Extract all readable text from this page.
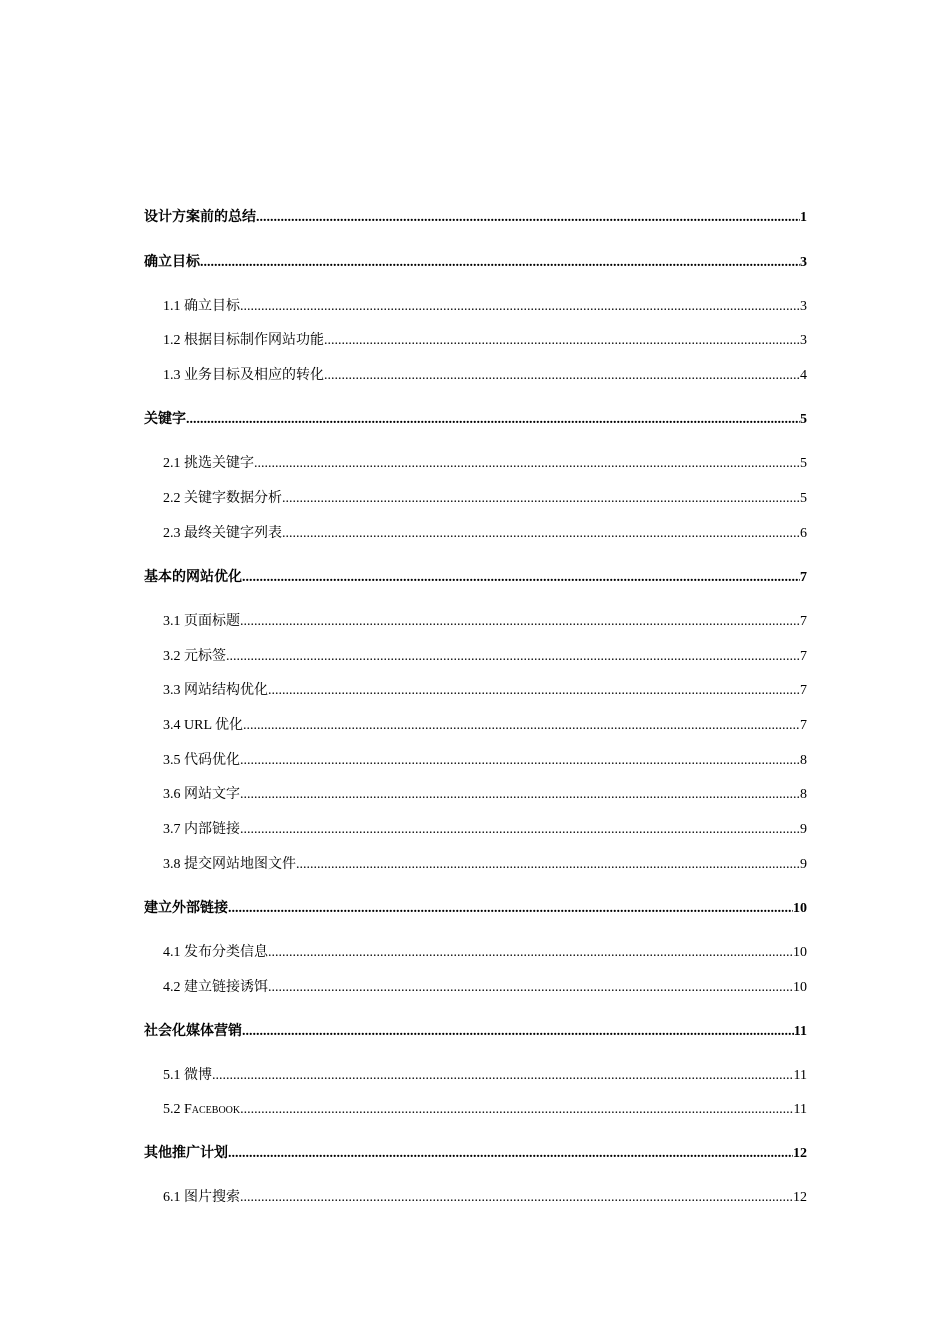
设计方案前的总结 .....	1
确立目标 .....	3
1.1 确立目标 .....	3
1.2 根据目标制作网站功能 .....	3
1.3 业务目标及相应的转化 .....	4
关键字 .....	5
2.1 挑选关键字 .....	5
2.2 关键字数据分析 .....	5
2.3 最终关键字列表 .....	6
基本的网站优化 .....	7
3.1 页面标题 .....	7
3.2 元标签 .....	7
3.3 网站结构优化 .....	7
3.4 URL 优化 .....	7
3.5 代码优化 .....	8
3.6 网站文字 .....	8
3.7 内部链接 .....	9
3.8 提交网站地图文件 .....	9
建立外部链接 .....	10
4.1 发布分类信息 .....	10
4.2 建立链接诱饵 .....	10
社会化媒体营销 .....	11
5.1 微博 .....	11
5.2 Facebook .....	11
其他推广计划 .....	12
6.1 图片搜索 .....	12
